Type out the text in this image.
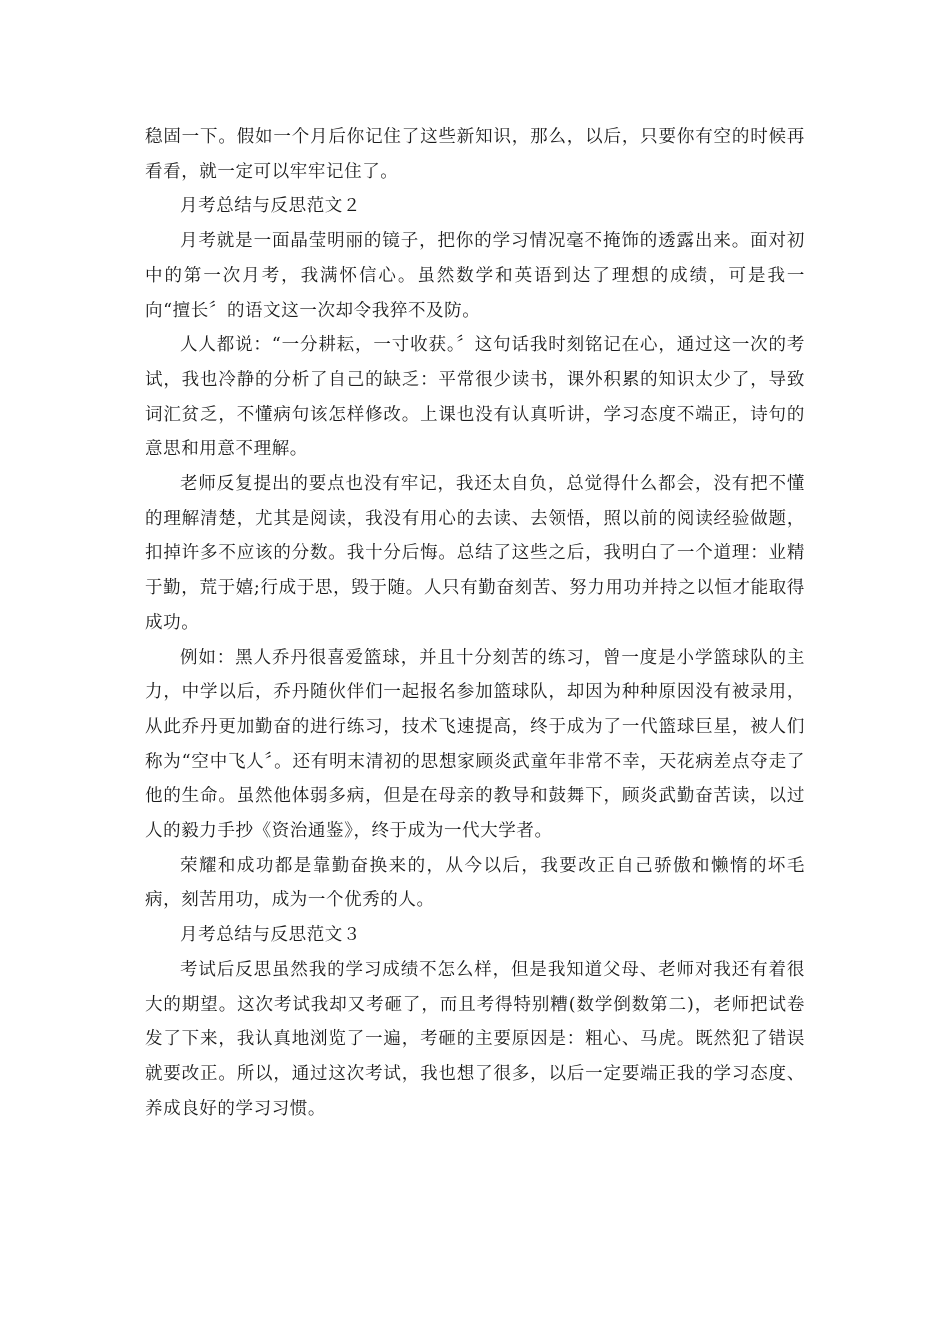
稳固一下。假如一个月后你记住了这些新知识，那么，以后，只要你有空的时候再看看，就一定可以牢牢记住了。

月考总结与反思范文２

月考就是一面晶莹明丽的镜子，把你的学习情况毫不掩饰的透露出来。面对初中的第一次月考，我满怀信心。虽然数学和英语到达了理想的成绩，可是我一向“擅长〞的语文这一次却令我猝不及防。

人人都说：“一分耕耘，一寸收获。〞这句话我时刻铭记在心，通过这一次的考试，我也冷静的分析了自己的缺乏：平常很少读书，课外积累的知识太少了，导致词汇贫乏，不懂病句该怎样修改。上课也没有认真听讲，学习态度不端正，诗句的意思和用意不理解。

老师反复提出的要点也没有牢记，我还太自负，总觉得什么都会，没有把不懂的理解清楚，尤其是阅读，我没有用心的去读、去领悟，照以前的阅读经验做题，扣掉许多不应该的分数。我十分后悔。总结了这些之后，我明白了一个道理：业精于勤，荒于嬉;行成于思，毁于随。人只有勤奋刻苦、努力用功并持之以恒才能取得成功。

例如：黑人乔丹很喜爱篮球，并且十分刻苦的练习，曾一度是小学篮球队的主力，中学以后，乔丹随伙伴们一起报名参加篮球队，却因为种种原因没有被录用，从此乔丹更加勤奋的进行练习，技术飞速提高，终于成为了一代篮球巨星，被人们称为“空中飞人〞。还有明末清初的思想家顾炎武童年非常不幸，天花病差点夺走了他的生命。虽然他体弱多病，但是在母亲的教导和鼓舞下，顾炎武勤奋苦读，以过人的毅力手抄《资治通鉴》，终于成为一代大学者。

荣耀和成功都是靠勤奋换来的，从今以后，我要改正自己骄傲和懒惰的坏毛病，刻苦用功，成为一个优秀的人。

月考总结与反思范文３

考试后反思虽然我的学习成绩不怎么样，但是我知道父母、老师对我还有着很大的期望。这次考试我却又考砸了，而且考得特别糟(数学倒数第二)，老师把试卷发了下来，我认真地浏览了一遍，考砸的主要原因是：粗心、马虎。既然犯了错误就要改正。所以，通过这次考试，我也想了很多，以后一定要端正我的学习态度、养成良好的学习习惯。
